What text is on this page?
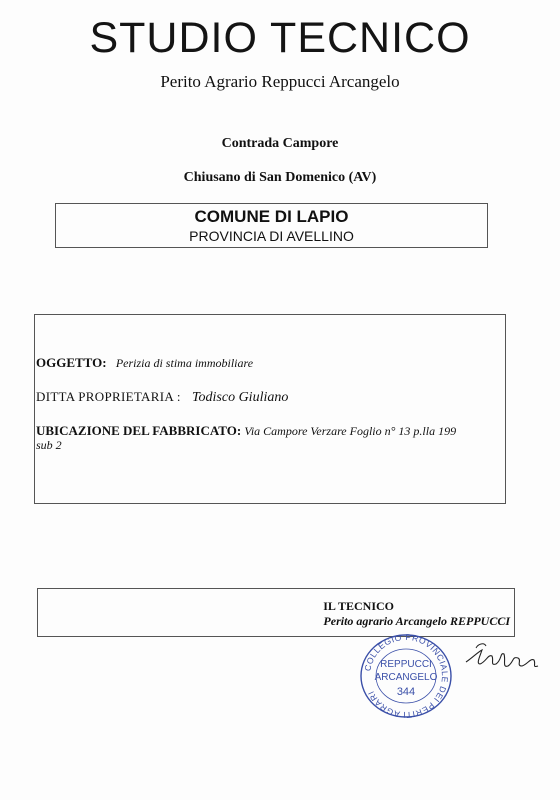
STUDIO TECNICO
Perito Agrario Reppucci Arcangelo
Contrada Campore
Chiusano di San Domenico (AV)
COMUNE DI LAPIO
PROVINCIA DI AVELLINO
OGGETTO: Perizia di stima immobiliare
DITTA PROPRIETARIA : Todisco Giuliano
UBICAZIONE DEL FABBRICATO: Via Campore Verzare Foglio n° 13 p.lla 199
sub 2
IL TECNICO
Perito agrario Arcangelo REPPUCCI
COLLEGIO PROVINCIALE DEI PERITI AGRARI
REPPUCCI
ARCANGELO
344
